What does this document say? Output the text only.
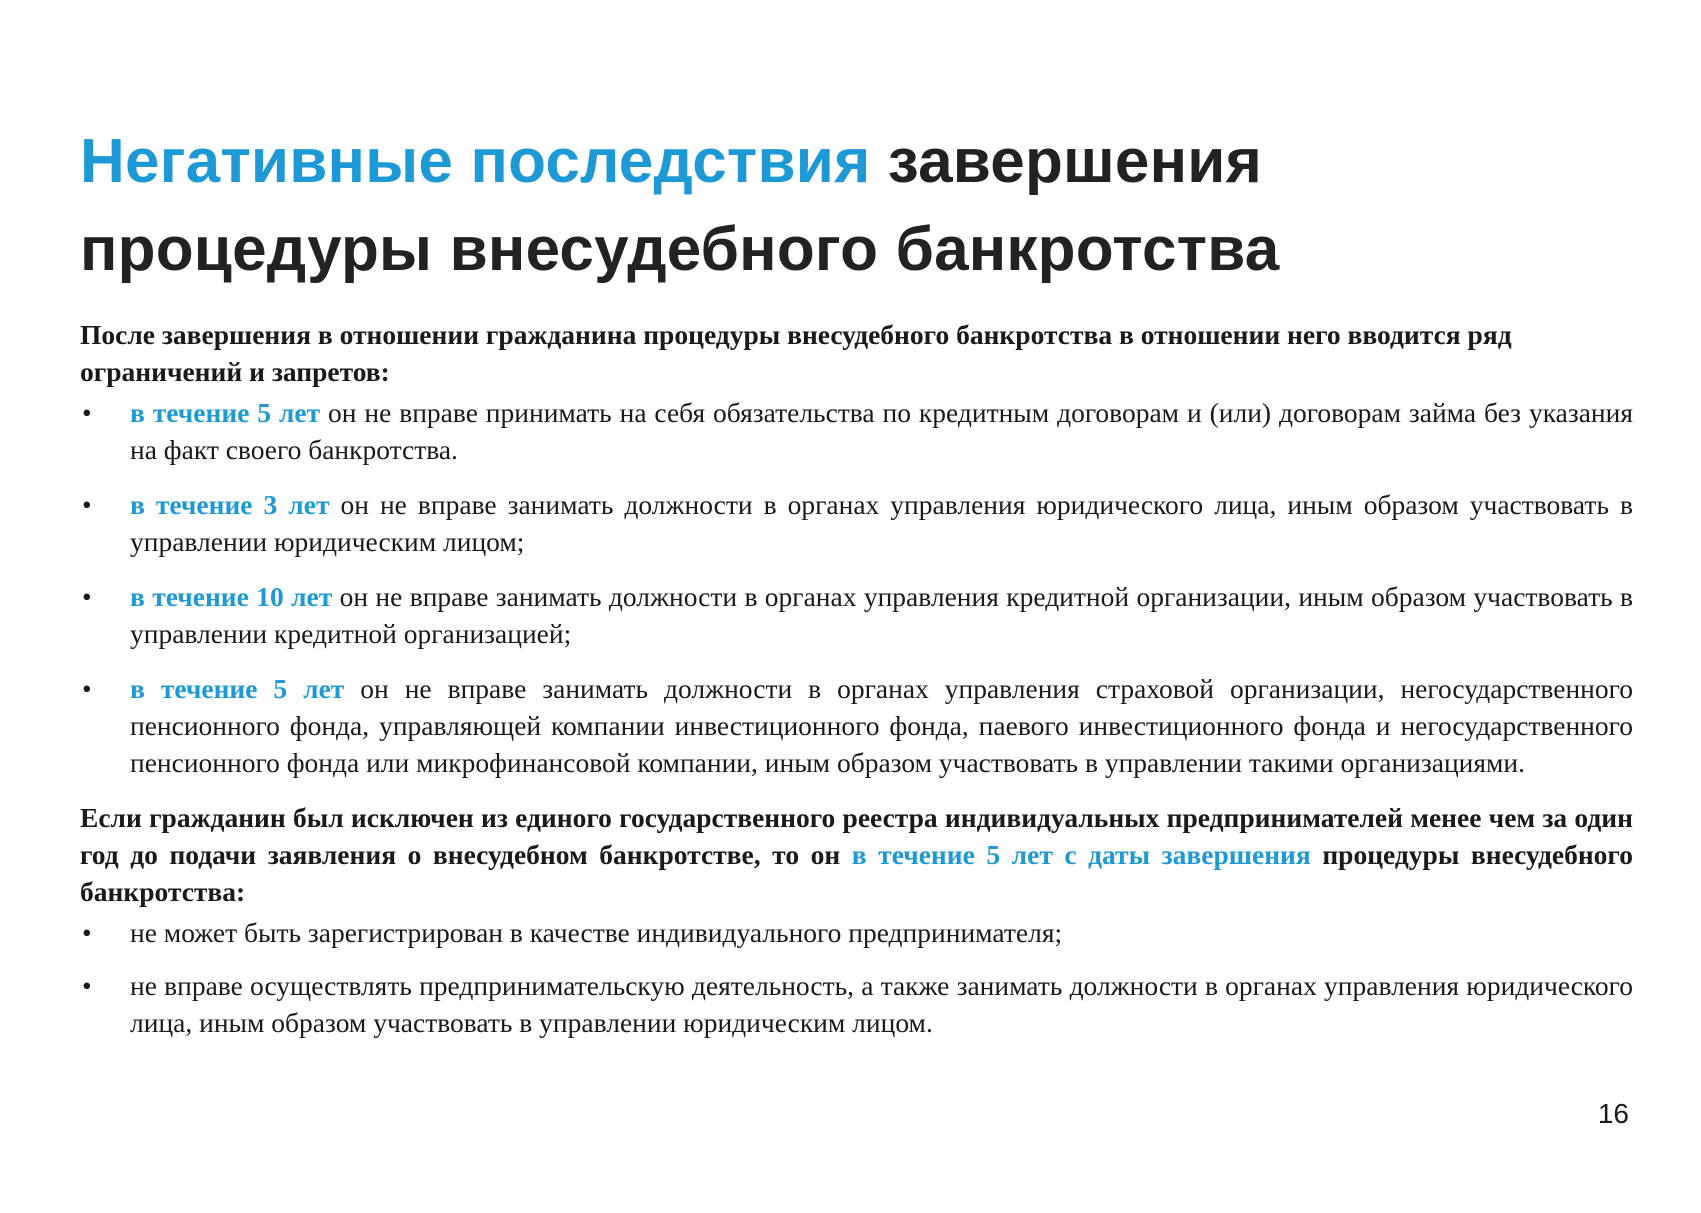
Негативные последствия завершения
процедуры внесудебного банкротства

После завершения в отношении гражданина процедуры внесудебного банкротства в отношении него вводится ряд ограничений и запретов:

•	в течение 5 лет он не вправе принимать на себя обязательства по кредитным договорам и (или) договорам займа без указания на факт своего банкротства.
•	в течение 3 лет он не вправе занимать должности в органах управления юридического лица, иным образом участвовать в управлении юридическим лицом;
•	в течение 10 лет он не вправе занимать должности в органах управления кредитной организации, иным образом участвовать в управлении кредитной организацией;
•	в течение 5 лет он не вправе занимать должности в органах управления страховой организации, негосударственного пенсионного фонда, управляющей компании инвестиционного фонда, паевого инвестиционного фонда и негосударственного пенсионного фонда или микрофинансовой компании, иным образом участвовать в управлении такими организациями.

Если гражданин был исключен из единого государственного реестра индивидуальных предпринимателей менее чем за один год до подачи заявления о внесудебном банкротстве, то он в течение 5 лет с даты завершения процедуры внесудебного банкротства:

•	не может быть зарегистрирован в качестве индивидуального предпринимателя;
•	не вправе осуществлять предпринимательскую деятельность, а также занимать должности в органах управления юридического лица, иным образом участвовать в управлении юридическим лицом.
16
